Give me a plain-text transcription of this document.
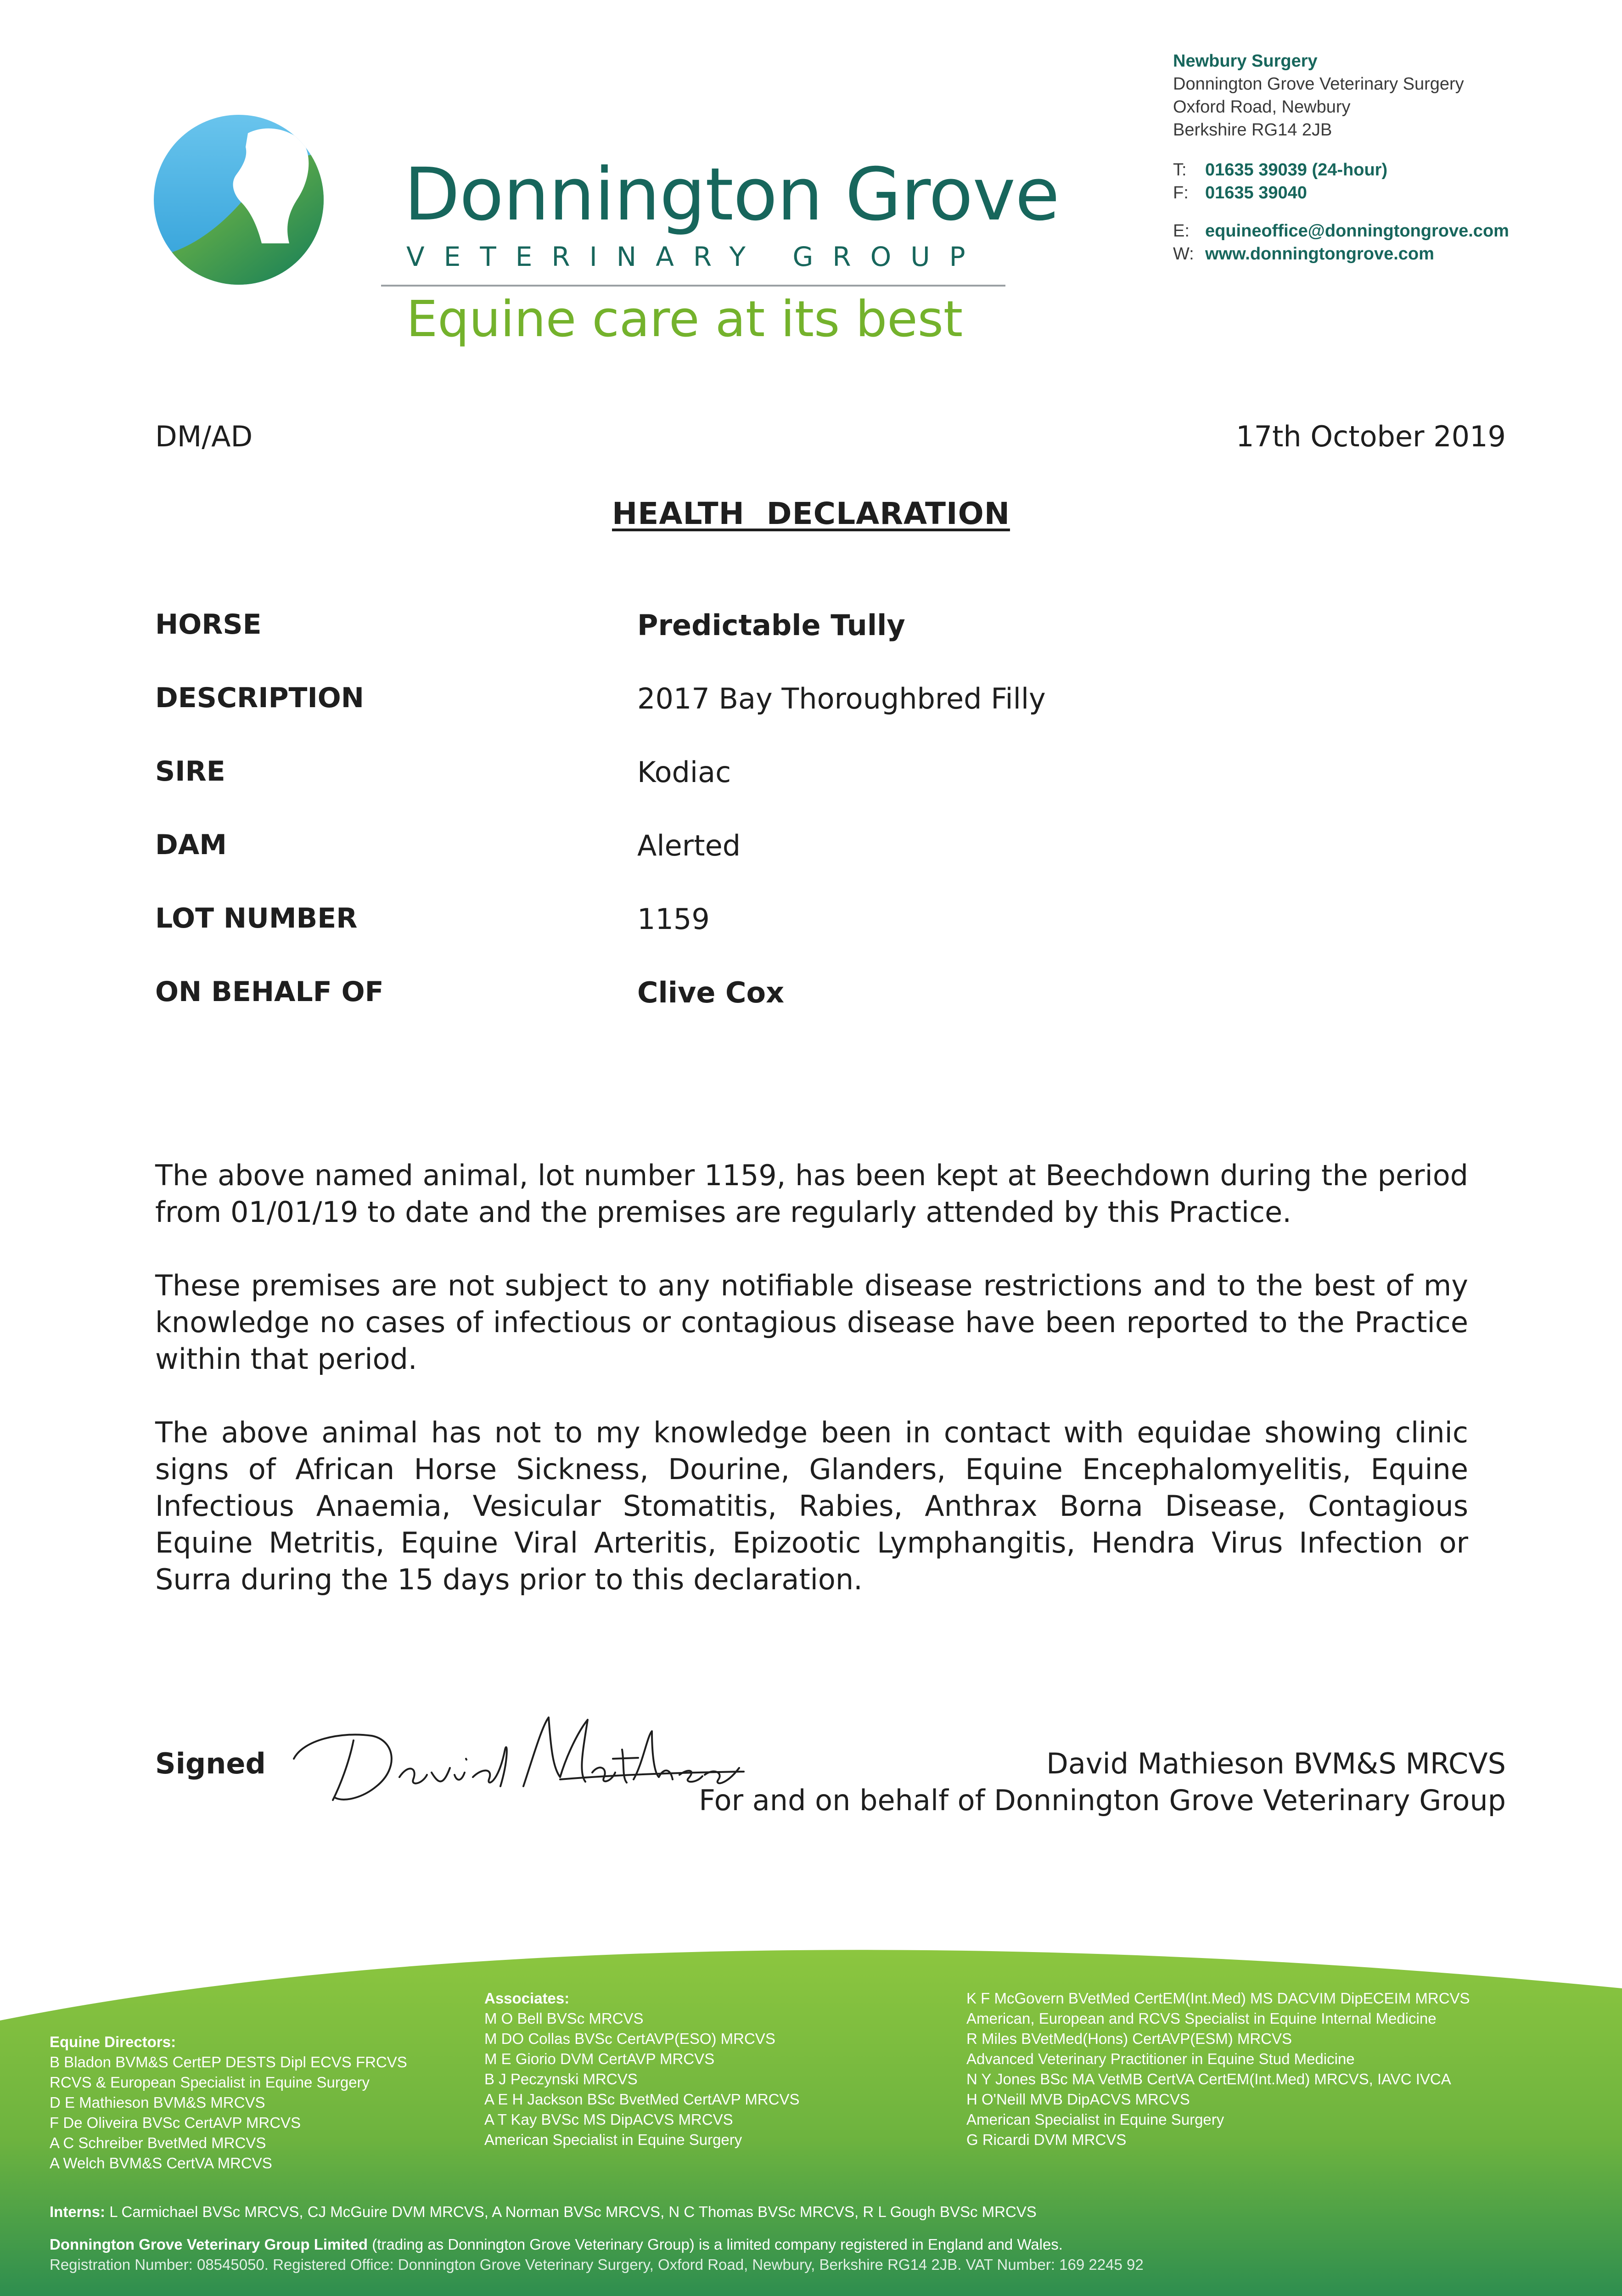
Donnington Grove
VETERINARY GROUP
Equine care at its best
Newbury Surgery
Donnington Grove Veterinary Surgery
Oxford Road, Newbury
Berkshire RG14 2JB
T: 01635 39039 (24-hour)
F: 01635 39040
E: equineoffice@donningtongrove.com
W: www.donningtongrove.com
DM/AD	17th October 2019
HEALTH  DECLARATION
HORSE	Predictable Tully
DESCRIPTION	2017 Bay Thoroughbred Filly
SIRE	Kodiac
DAM	Alerted
LOT NUMBER	1159
ON BEHALF OF	Clive Cox

The above named animal, lot number 1159, has been kept at Beechdown during the period from 01/01/19 to date and the premises are regularly attended by this Practice.

These premises are not subject to any notifiable disease restrictions and to the best of my knowledge no cases of infectious or contagious disease have been reported to the Practice within that period.

The above animal has not to my knowledge been in contact with equidae showing clinic signs of African Horse Sickness, Dourine, Glanders, Equine Encephalomyelitis, Equine Infectious Anaemia, Vesicular Stomatitis, Rabies, Anthrax Borna Disease, Contagious Equine Metritis, Equine Viral Arteritis, Epizootic Lymphangitis, Hendra Virus Infection or Surra during the 15 days prior to this declaration.

Signed	David Mathieson BVM&S MRCVS
For and on behalf of Donnington Grove Veterinary Group
Equine Directors:
B Bladon BVM&S CertEP DESTS Dipl ECVS FRCVS
RCVS & European Specialist in Equine Surgery
D E Mathieson BVM&S MRCVS
F De Oliveira BVSc CertAVP MRCVS
A C Schreiber BvetMed MRCVS
A Welch BVM&S CertVA MRCVS
Associates:
M O Bell BVSc MRCVS
M DO Collas BVSc CertAVP(ESO) MRCVS
M E Giorio DVM CertAVP MRCVS
B J Peczynski MRCVS
A E H Jackson BSc BvetMed CertAVP MRCVS
A T Kay BVSc MS DipACVS MRCVS
American Specialist in Equine Surgery
K F McGovern BVetMed CertEM(Int.Med) MS DACVIM DipECEIM MRCVS
American, European and RCVS Specialist in Equine Internal Medicine
R Miles BVetMed(Hons) CertAVP(ESM) MRCVS
Advanced Veterinary Practitioner in Equine Stud Medicine
N Y Jones BSc MA VetMB CertVA CertEM(Int.Med) MRCVS, IAVC IVCA
H O'Neill MVB DipACVS MRCVS
American Specialist in Equine Surgery
G Ricardi DVM MRCVS
Interns: L Carmichael BVSc MRCVS, CJ McGuire DVM MRCVS, A Norman BVSc MRCVS, N C Thomas BVSc MRCVS, R L Gough BVSc MRCVS
Donnington Grove Veterinary Group Limited (trading as Donnington Grove Veterinary Group) is a limited company registered in England and Wales.
Registration Number: 08545050. Registered Office: Donnington Grove Veterinary Surgery, Oxford Road, Newbury, Berkshire RG14 2JB. VAT Number: 169 2245 92
